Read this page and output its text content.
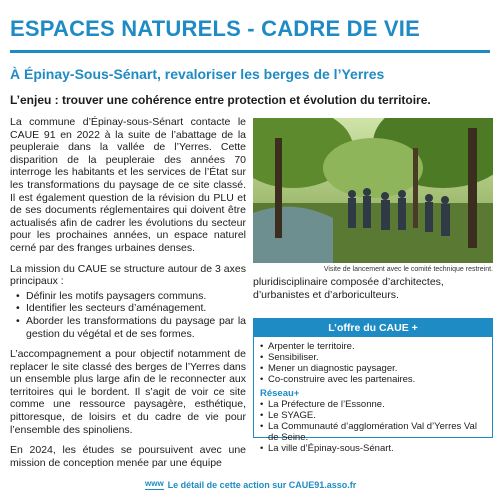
ESPACES NATURELS - CADRE DE VIE
À Épinay-Sous-Sénart, revaloriser les berges de l’Yerres
L’enjeu : trouver une cohérence entre protection et évolution du territoire.

La commune d’Épinay-sous-Sénart contacte le CAUE 91 en 2022 à la suite de l’abattage de la peupleraie dans la vallée de l’Yerres. Cette disparition de la peupleraie des années 70 interroge les habitants et les services de l’État sur les transformations du paysage de ce site classé. Il est également question de la révision du PLU et de ses documents réglementaires qui doivent être actualisés afin de cadrer les évolutions du secteur pour les prochaines années, un espace naturel cerné par des franges urbaines denses.

La mission du CAUE se structure autour de 3 axes principaux :

• Définir les motifs paysagers communs.
• Identifier les secteurs d’aménagement.
• Aborder les transformations du paysage par la gestion du végétal et de ses formes.

L’accompagnement a pour objectif notamment de replacer le site classé des berges de l’Yerres dans un ensemble plus large afin de le reconnecter aux territoires qui le bordent. Il s’agit de voir ce site comme une ressource paysagère, esthétique, pittoresque, de loisirs et du cadre de vie pour l’ensemble des spinoliens.

En 2024, les études se poursuivent avec une mission de conception menée par une équipe

Visite de lancement avec le comité technique restreint.
pluridisciplinaire composée d’architectes, d’urbanistes et d’arboriculteurs.
L’offre du CAUE +
• Arpenter le territoire.
• Sensibiliser.
• Mener un diagnostic paysager.
• Co-construire avec les partenaires.
Réseau+
• La Préfecture de l’Essonne.
• Le SYAGE.
• La Communauté d’agglomération Val d’Yerres Val de Seine.
• La ville d’Épinay-sous-Sénart.
www Le détail de cette action sur CAUE91.asso.fr
